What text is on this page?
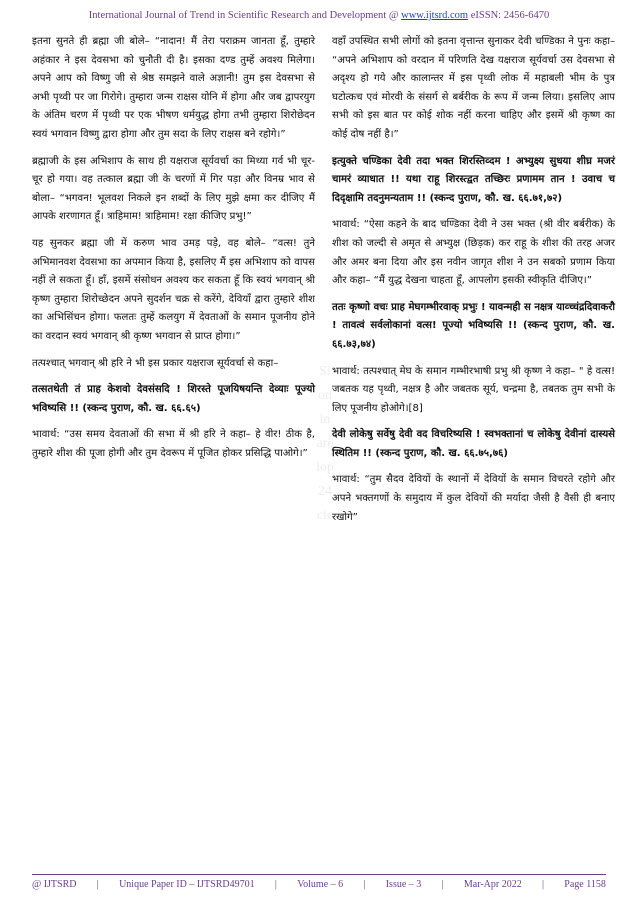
International Journal of Trend in Scientific Research and Development @ www.ijtsrd.com eISSN: 2456-6470
Si
on
in
are
lop
24
cie

इतना सुनते ही ब्रह्मा जी बोले– “नादान! मैं तेरा पराक्रम जानता हूँ, तुम्हारे अहंकार ने इस देवसभा को चुनौती दी है। इसका दण्ड तुम्हें अवश्य मिलेगा। अपने आप को विष्णु जी से श्रेष्ठ समझने वाले अज्ञानी! तुम इस देवसभा से अभी पृथ्वी पर जा गिरोगे। तुम्हारा जन्म राक्षस योनि में होगा और जब द्वापरयुग के अंतिम चरण में पृथ्वी पर एक भीषण धर्मयुद्ध होगा तभी तुम्हारा शिरोछेदन स्वयं भगवान विष्णु द्वारा होगा और तुम सदा के लिए राक्षस बने रहोगे।”

ब्रह्माजी के इस अभिशाप के साथ ही यक्षराज सूर्यवर्चा का मिथ्या गर्व भी चूर-चूर हो गया। वह तत्काल ब्रह्मा जी के चरणों में गिर पड़ा और विनम्र भाव से बोला– “भगवन! भूलवश निकले इन शब्दों के लिए मुझे क्षमा कर दीजिए मैं आपके शरणागत हूँ। त्राहिमाम! त्राहिमाम! रक्षा कीजिए प्रभु!”

यह सुनकर ब्रह्मा जी में करुण भाव उमड़ पड़े, वह बोले– “वत्स! तुने अभिमानवश देवसभा का अपमान किया है, इसलिए मैं इस अभिशाप को वापस नहीं ले सकता हूँ। हाँ, इसमें संसोधन अवश्य कर सकता हूँ कि स्वयं भगवान् श्री कृष्ण तुम्हारा शिरोच्छेदन अपने सुदर्शन चक्र से करेंगे, देवियाँ द्वारा तुम्हारे शीश का अभिसिंचन होगा। फलतः तुम्हें कलयुग में देवताओं के समान पूजनीय होने का वरदान स्वयं भगवान् श्री कृष्ण भगवान से प्राप्त होगा।”

तत्पश्चात् भगवान् श्री हरि ने भी इस प्रकार यक्षराज सूर्यवर्चा से कहा–

तत्सतथेती तं प्राह केशवो देवसंसदि ! शिरस्ते पूजयिषयन्ति देव्याः पूज्यो भविष्यसि !! (स्कन्द पुराण, कौ. ख. ६६.६५)

भावार्थ: “उस समय देवताओं की सभा में श्री हरि ने कहा– हे वीर! ठीक है, तुम्हारे शीश की पूजा होगी और तुम देवरूप में पूजित होकर प्रसिद्धि पाओगे।”

वहाँ उपस्थित सभी लोगों को इतना वृत्तान्त सुनाकर देवी चण्डिका ने पुनः कहा– “अपने अभिशाप को वरदान में परिणति देख यक्षराज सूर्यवर्चा उस देवसभा से अदृश्य हो गये और कालान्तर में इस पृथ्वी लोक में महाबली भीम के पुत्र घटोत्कच एवं मोरवी के संसर्ग से बर्बरीक के रूप में जन्म लिया। इसलिए आप सभी को इस बात पर कोई शोक नहीं करना चाहिए और इसमें श्री कृष्ण का कोई दोष नहीं है।”

इत्युक्ते चण्डिका देवी तदा भक्त शिरस्तिव्दम ! अभ्युक्ष्य सुधया शीघ्र मजरं चामरं व्याधात !! यथा राहू शिरस्त्द्वत तच्छिरः प्रणामम तान ! उवाच च दिदृक्षामि तदनुमन्यताम !! (स्कन्द पुराण, कौ. ख. ६६.७१,७२)

भावार्थ: “ऐसा कहने के बाद चण्डिका देवी ने उस भक्त (श्री वीर बर्बरीक) के शीश को जल्दी से अमृत से अभ्युक्ष (छिड़क) कर राहू के शीश की तरह अजर और अमर बना दिया और इस नवीन जागृत शीश ने उन सबको प्रणाम किया और कहा– “मैं युद्ध देखना चाहता हूँ, आपलोग इसकी स्वीकृति दीजिए।”

ततः कृष्णो वचः प्राह मेघगम्भीरवाक् प्रभुः ! यावन्मही स नक्षत्र याव्च्चंद्रदिवाकरौ ! तावत्वं सर्वलोकानां वत्स! पूज्यो भविष्यसि !! (स्कन्द पुराण, कौ. ख. ६६.७३,७४)

भावार्थ: तत्पश्चात् मेघ के समान गम्भीरभाषी प्रभु श्री कृष्ण ने कहा– " हे वत्स! जबतक यह पृथ्वी, नक्षत्र है और जबतक सूर्य, चन्द्रमा है, तबतक तुम सभी के लिए पूजनीय होओगे।[8]

देवी लोकेषु सर्वेषु देवी वद विचरिष्यसि ! स्वभक्तानां च लोकेषु देवीनां दास्यसे स्थितिम !! (स्कन्द पुराण, कौ. ख. ६६.७५,७६)

भावार्थ: “तुम सैदव देवियों के स्थानों में देवियों के समान विचरते रहोगे और अपने भक्तगणों के समुदाय में कुल देवियों की मर्यादा जैसी है वैसी ही बनाए रखोगे”

@ IJTSRD | Unique Paper ID – IJTSRD49701 | Volume – 6 | Issue – 3 | Mar-Apr 2022 | Page 1158
